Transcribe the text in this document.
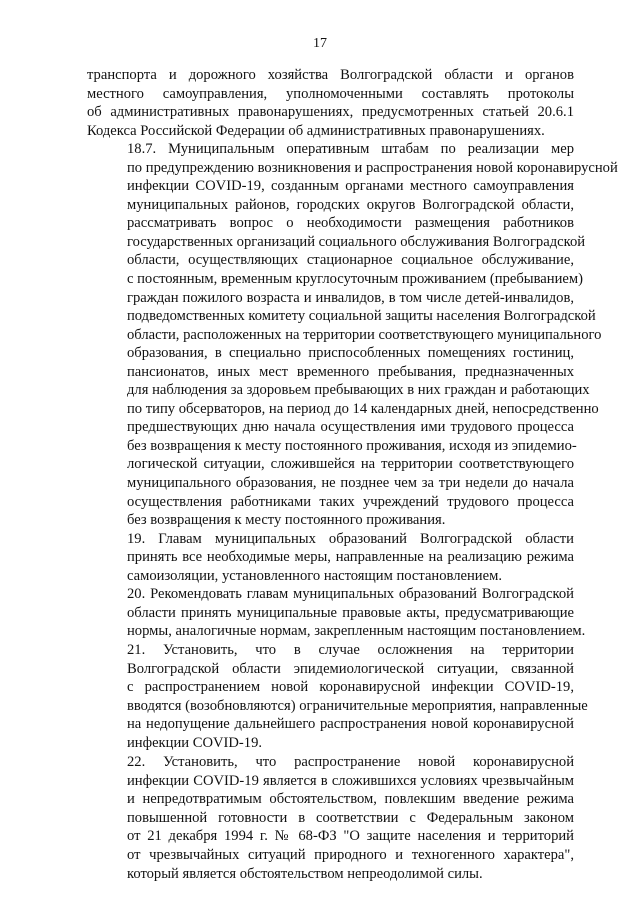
17
транспорта и дорожного хозяйства Волгоградской области и органов
местного самоуправления, уполномоченными составлять протоколы
об административных правонарушениях, предусмотренных статьей 20.6.1
Кодекса Российской Федерации об административных правонарушениях.
18.7. Муниципальным оперативным штабам по реализации мер
по предупреждению возникновения и распространения новой коронавирусной
инфекции COVID-19, созданным органами местного самоуправления
муниципальных районов, городских округов Волгоградской области,
рассматривать вопрос о необходимости размещения работников
государственных организаций социального обслуживания Волгоградской
области, осуществляющих стационарное социальное обслуживание,
с постоянным, временным круглосуточным проживанием (пребыванием)
граждан пожилого возраста и инвалидов, в том числе детей-инвалидов,
подведомственных комитету социальной защиты населения Волгоградской
области, расположенных на территории соответствующего муниципального
образования, в специально приспособленных помещениях гостиниц,
пансионатов, иных мест временного пребывания, предназначенных
для наблюдения за здоровьем пребывающих в них граждан и работающих
по типу обсерваторов, на период до 14 календарных дней, непосредственно
предшествующих дню начала осуществления ими трудового процесса
без возвращения к месту постоянного проживания, исходя из эпидемио-
логической ситуации, сложившейся на территории соответствующего
муниципального образования, не позднее чем за три недели до начала
осуществления работниками таких учреждений трудового процесса
без возвращения к месту постоянного проживания.
19. Главам муниципальных образований Волгоградской области
принять все необходимые меры, направленные на реализацию режима
самоизоляции, установленного настоящим постановлением.
20. Рекомендовать главам муниципальных образований Волгоградской
области принять муниципальные правовые акты, предусматривающие
нормы, аналогичные нормам, закрепленным настоящим постановлением.
21. Установить, что в случае осложнения на территории
Волгоградской области эпидемиологической ситуации, связанной
с распространением новой коронавирусной инфекции COVID-19,
вводятся (возобновляются) ограничительные мероприятия, направленные
на недопущение дальнейшего распространения новой коронавирусной
инфекции COVID-19.
22. Установить, что распространение новой коронавирусной
инфекции COVID-19 является в сложившихся условиях чрезвычайным
и непредотвратимым обстоятельством, повлекшим введение режима
повышенной готовности в соответствии с Федеральным законом
от 21 декабря 1994 г. № 68-ФЗ "О защите населения и территорий
от чрезвычайных ситуаций природного и техногенного характера",
который является обстоятельством непреодолимой силы.
